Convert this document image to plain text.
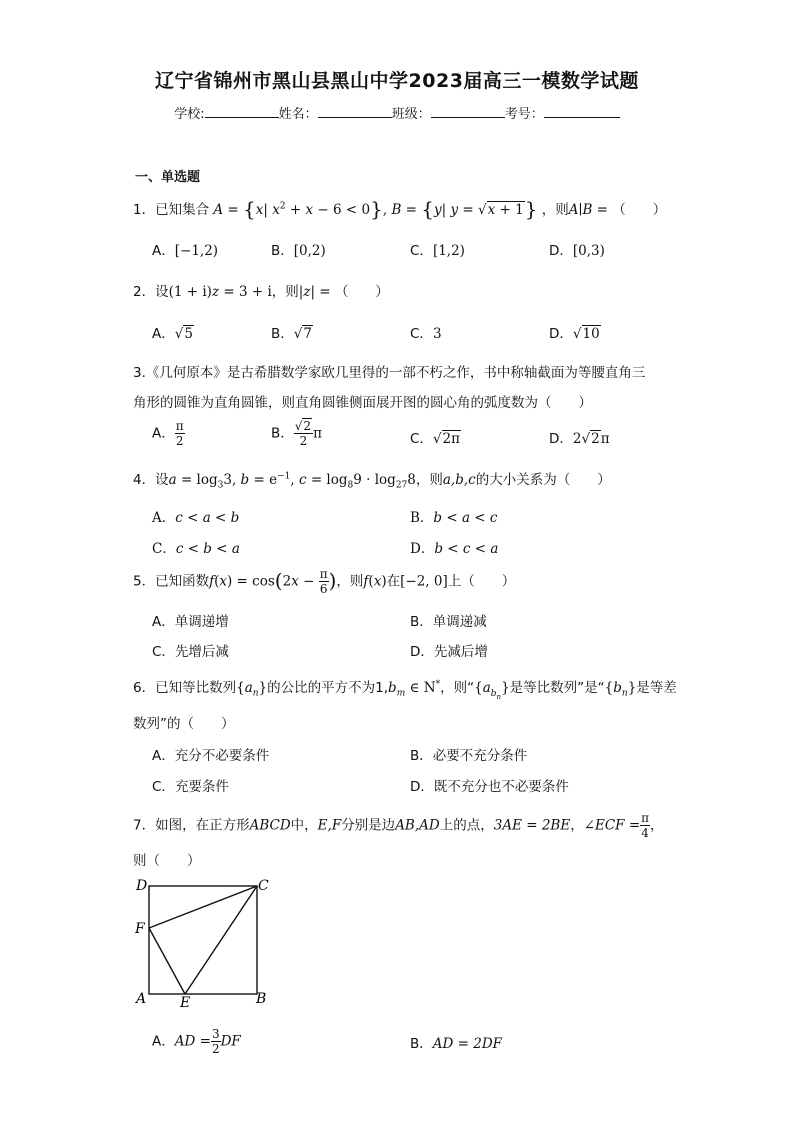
辽宁省锦州市黑山县黑山中学2023届高三一模数学试题
学校:	姓名：	班级：	考号：
一、单选题
1．已知集合 A = {x| $x^2 + x - 6 < 0$}, B = {y| y = √x + 1} ，则A∣B = （　　）
A．[−1,2)	B．[0,2)	C．[1,2)	D．[0,3)
2．设(1 + i)z = 3 + i，则|z| = （　　）
A．√5	B．√7	C．3	D．√10
3.《几何原本》是古希腊数学家欧几里得的一部不朽之作，书中称轴截面为等腰直角三
角形的圆锥为直角圆锥，则直角圆锥侧面展开图的圆心角的弧度数为（　　）
A． $\frac{\pi}{2}$	B． $\frac{√2}{2}$ π	C．√2π	D．2√2π
4．设$a = \log_33$, $b = e^{-1}$, $c = \log_89 \cdot \log_{27}8$，则a,b,c的大小关系为（　　）
A．c < a < b	B．b < a < c
C．c < b < a	D．b < c < a
5．已知函数$f(x) = \cos(2x - \frac{\pi}{6}$ )，则f(x)在[−2, 0]上（　　）
A．单调递增	B．单调递减
C．先增后减	D．先减后增
6．已知等比数列$\{a_n\}$的公比的平方不为$1,b_m$ ∈ N*，则“$\{a_{b_n}\}$是等比数列”是“$\{b_n\}$是等差
数列”的（　　）
A．充分不必要条件	B．必要不充分条件
C．充要条件	D．既不充分也不必要条件
7．如图，在正方形ABCD中，E,F分别是边AB,AD上的点，3AE = 2BE，∠ECF = $\frac{\pi}{4}$ ，
则（　　）
D	C
F
A E	B
A．AD = $\frac{3}{2}$ DF	B．AD = 2DF
